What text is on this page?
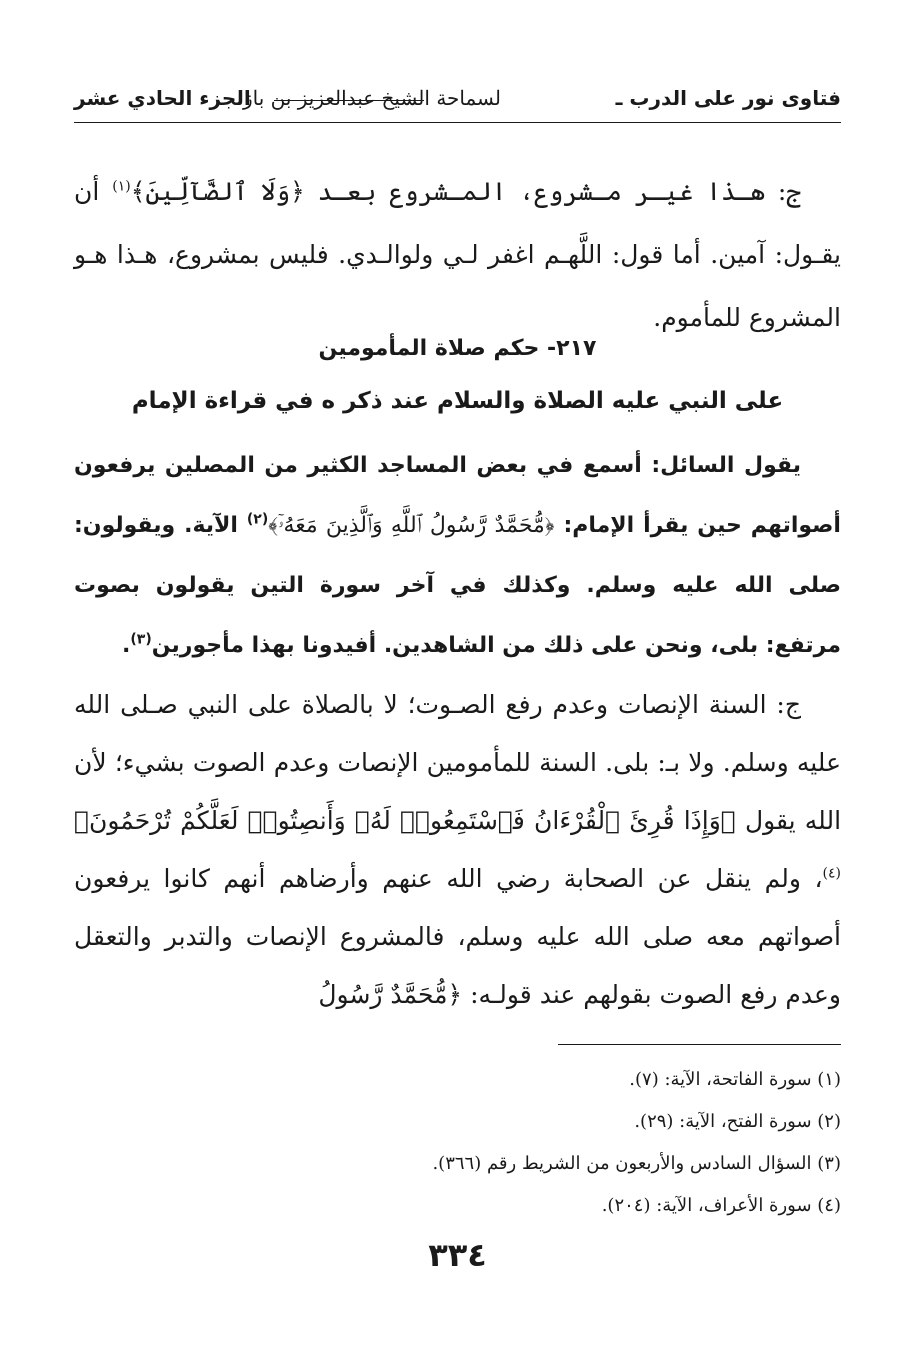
فتاوى نور على الدرب ـ
لسماحة الشيخ عبدالعزيز بن باز
الجزء الحادي عشر

ج: هـذا غيـر مـشروع، المـشروع بعـد ﴿وَلَا ٱلضَّآلِّينَ﴾$^{(١)}$ أن يقـول: آمين. أما قول: اللَّهـم اغفر لـي ولوالـدي. فليس بمشروع، هـذا هـو المشروع للمأموم.

٢١٧- حكم صلاة المأمومين
على النبي عليه الصلاة والسلام عند ذكر ه في قراءة الإمام

يقول السائل: أسمع في بعض المساجد الكثير من المصلين يرفعون أصواتهم حين يقرأ الإمام: ﴿مُّحَمَّدٌ رَّسُولُ ٱللَّهِ وَٱلَّذِينَ مَعَهُۥٓ﴾$^{(٢)}$ الآية. ويقولون: صلى الله عليه وسلم. وكذلك في آخر سورة التين يقولون بصوت مرتفع: بلى، ونحن على ذلك من الشاهدين. أفيدونا بهذا مأجورين$^{(٣)}$.

ج: السنة الإنصات وعدم رفع الصـوت؛ لا بالصلاة على النبي صـلى الله عليه وسلم. ولا بـ: بلى. السنة للمأمومين الإنصات وعدم الصوت بشيء؛ لأن الله يقول ﴿وَإِذَا قُرِئَ ٱلْقُرْءَانُ فَٱسْتَمِعُوا۟ لَهُۥ وَأَنصِتُوا۟ لَعَلَّكُمْ تُرْحَمُونَ﴾$^{(٤)}$، ولم ينقل عن الصحابة رضي الله عنهم وأرضاهم أنهم كانوا يرفعون أصواتهم معه صلى الله عليه وسلم، فالمشروع الإنصات والتدبر والتعقل وعدم رفع الصوت بقولهم عند قولـه: ﴿مُّحَمَّدٌ رَّسُولُ

(١) سورة الفاتحة، الآية: (٧).
(٢) سورة الفتح، الآية: (٢٩).
(٣) السؤال السادس والأربعون من الشريط رقم (٣٦٦).
(٤) سورة الأعراف، الآية: (٢٠٤).
٣٣٤
